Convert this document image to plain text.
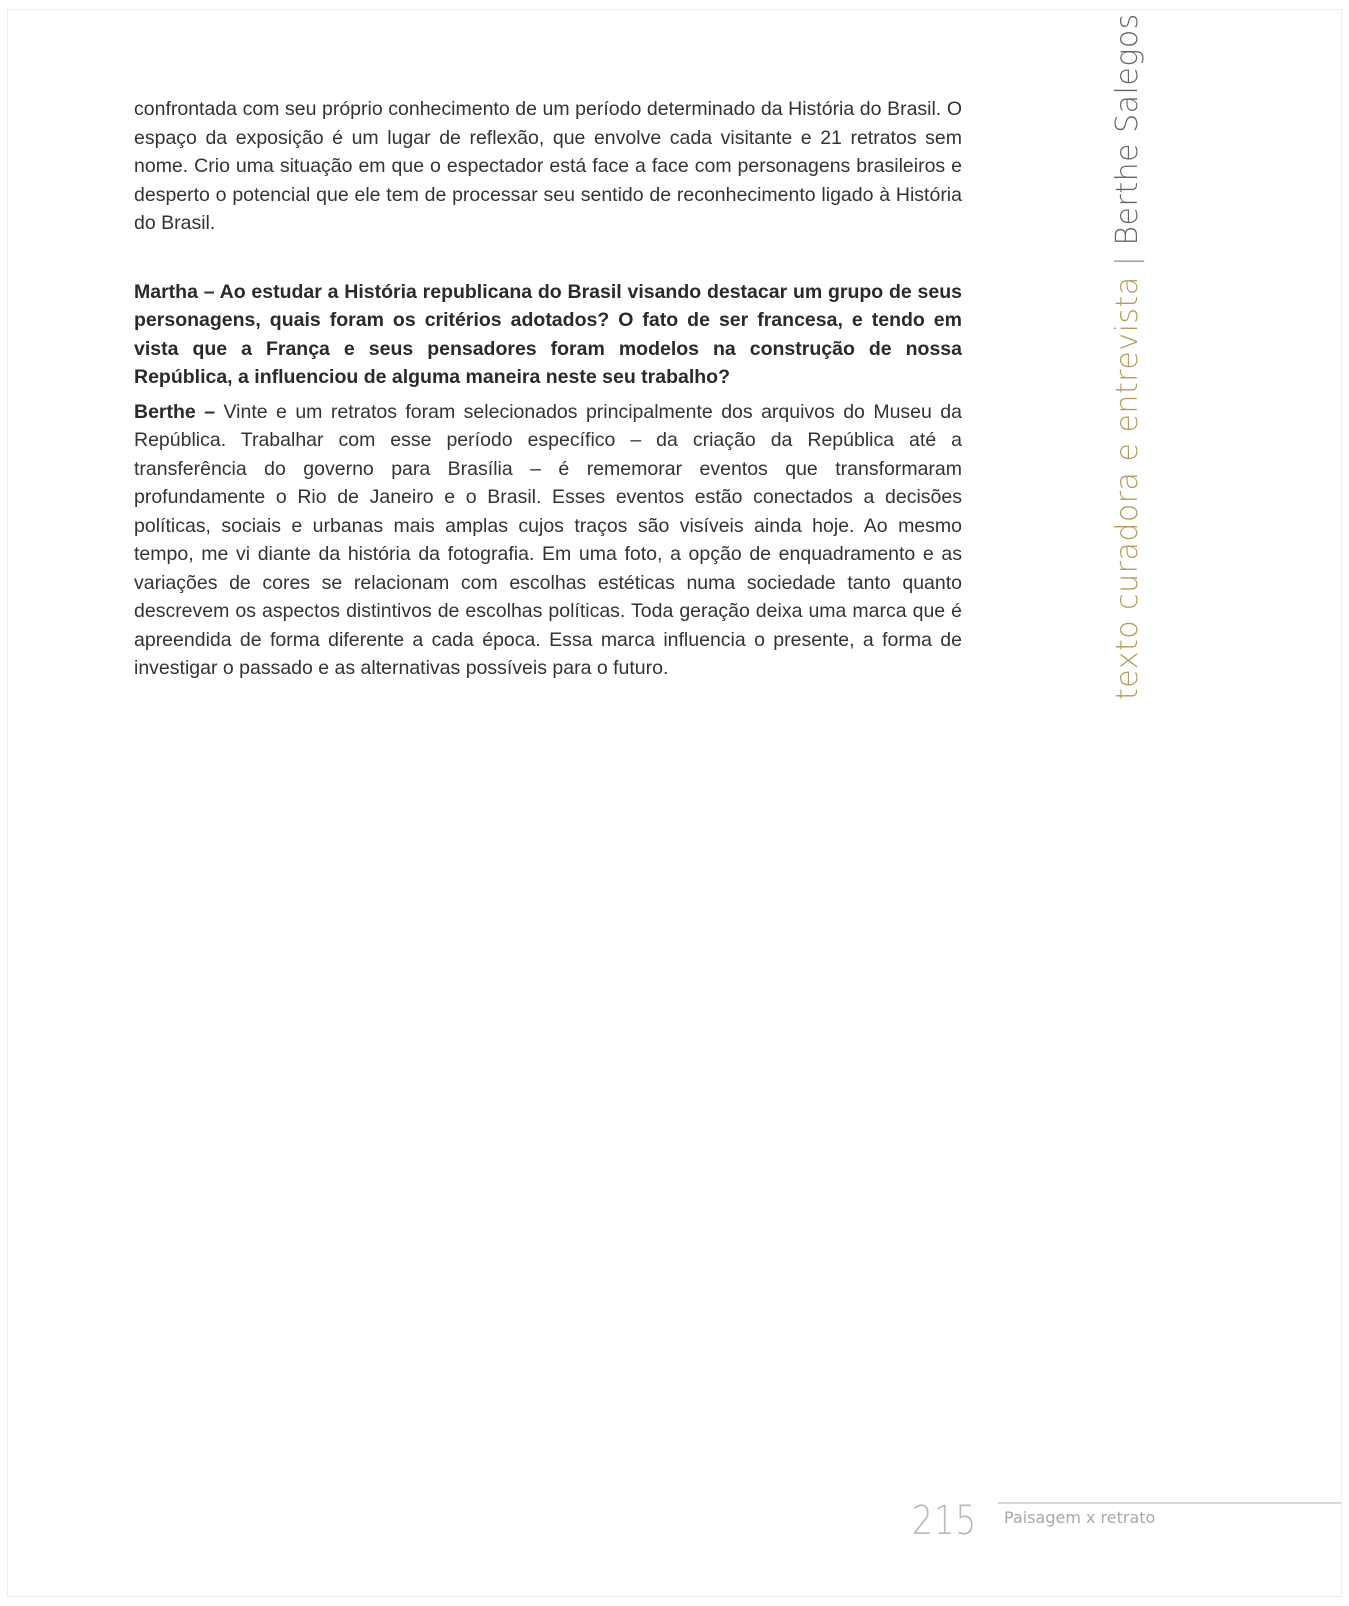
confrontada com seu próprio conhecimento de um período determinado da História do Brasil. O espaço da exposição é um lugar de reflexão, que envolve cada visitante e 21 retratos sem nome. Crio uma situação em que o espectador está face a face com personagens brasileiros e desperto o potencial que ele tem de processar seu sentido de reconhecimento ligado à História do Brasil.

Martha – Ao estudar a História republicana do Brasil visando destacar um grupo de seus personagens, quais foram os critérios adotados? O fato de ser francesa, e tendo em vista que a França e seus pensadores foram modelos na construção de nossa República, a influenciou de alguma maneira neste seu trabalho?

Berthe – Vinte e um retratos foram selecionados principalmente dos arquivos do Museu da República. Trabalhar com esse período específico – da criação da República até a transferência do governo para Brasília – é rememorar eventos que transformaram profundamente o Rio de Janeiro e o Brasil. Esses eventos estão conectados a decisões políticas, sociais e urbanas mais amplas cujos traços são visíveis ainda hoje. Ao mesmo tempo, me vi diante da história da fotografia. Em uma foto, a opção de enquadramento e as variações de cores se relacionam com escolhas estéticas numa sociedade tanto quanto descrevem os aspectos distintivos de escolhas políticas. Toda geração deixa uma marca que é apreendida de forma diferente a cada época. Essa marca influencia o presente, a forma de investigar o passado e as alternativas possíveis para o futuro.	texto curadora e entrevista | Berthe Salegos
215 Paisagem x retrato
